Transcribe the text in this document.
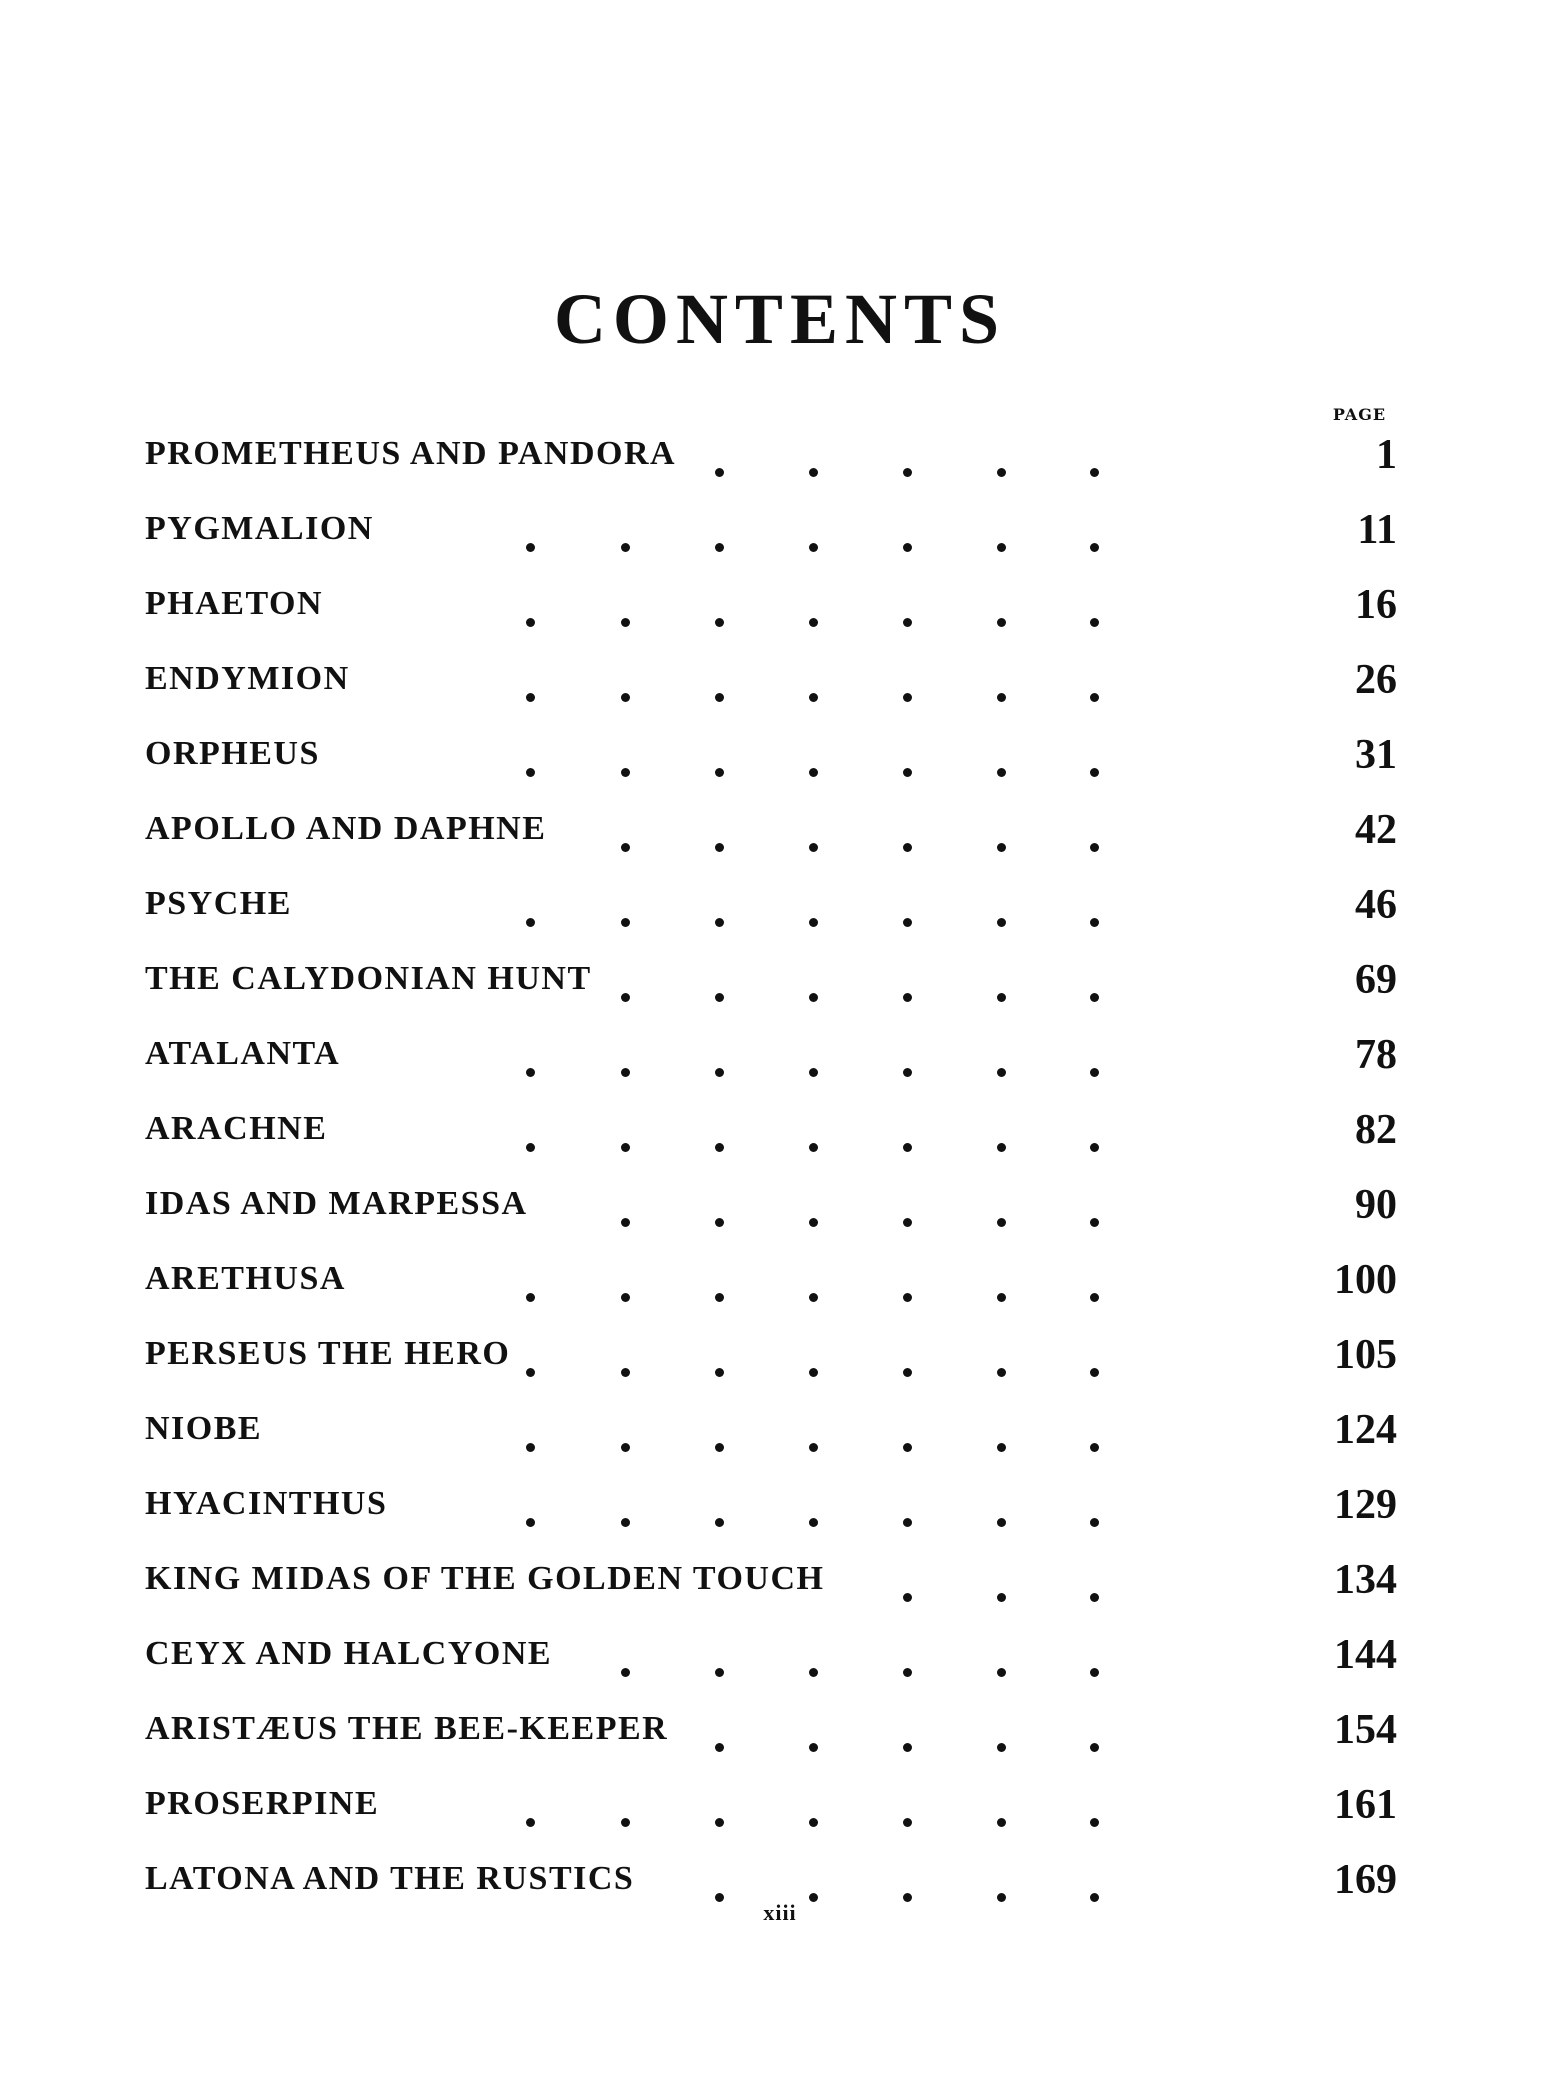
CONTENTS
PAGE
PROMETHEUS AND PANDORA	1
PYGMALION	11
PHAETON	16
ENDYMION	26
ORPHEUS	31
APOLLO AND DAPHNE	42
PSYCHE	46
THE CALYDONIAN HUNT	69
ATALANTA	78
ARACHNE	82
IDAS AND MARPESSA	90
ARETHUSA	100
PERSEUS THE HERO	105
NIOBE	124
HYACINTHUS	129
KING MIDAS OF THE GOLDEN TOUCH	134
CEYX AND HALCYONE	144
ARISTÆUS THE BEE-KEEPER	154
PROSERPINE	161
LATONA AND THE RUSTICS	169
xiii
